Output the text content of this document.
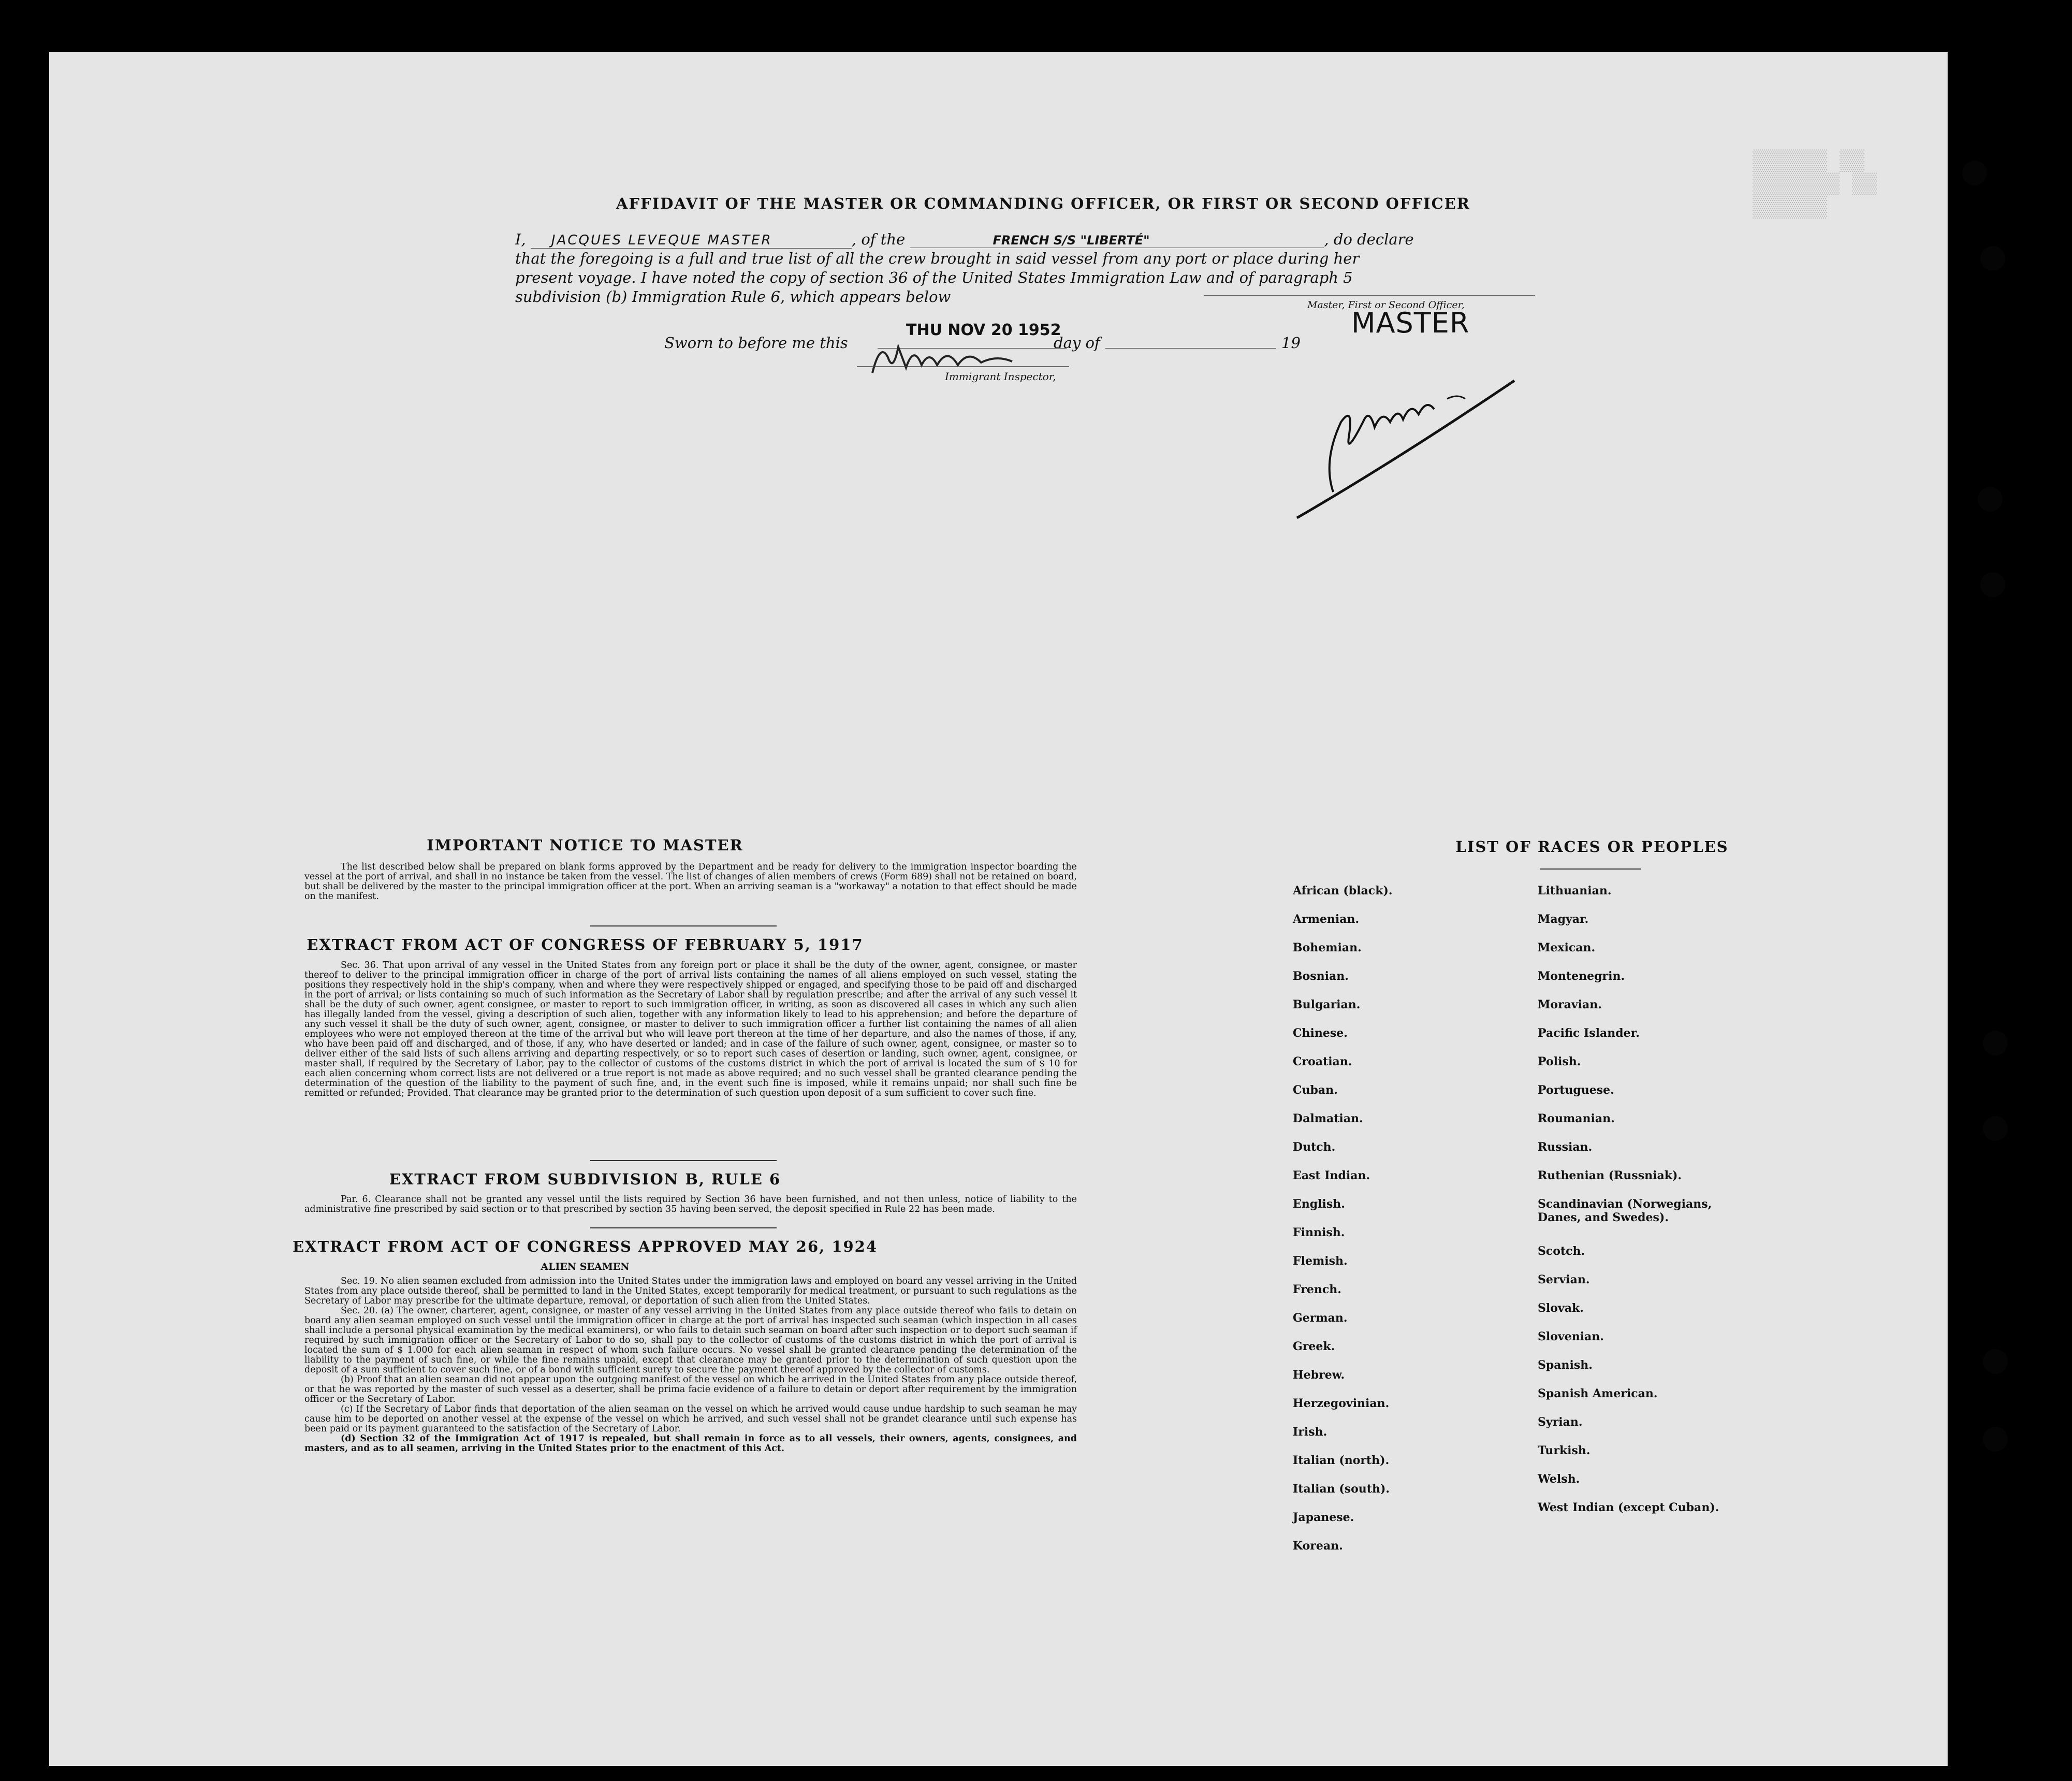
▒▒▒▒▒▒ ▒▒ ▒▒▒▒▒▒▒ ▒▒ ▒▒▒▒▒▒
AFFIDAVIT OF THE MASTER OR COMMANDING OFFICER, OR FIRST OR SECOND OFFICER
I, JACQUES LEVEQUE MASTER	, of the	FRENCH S/S "LIBERTÉ"	, do declare
that the foregoing is a full and true list of all the crew brought in said vessel from any port or place during her
present voyage. I have noted the copy of section 36 of the United States Immigration Law and of paragraph 5
subdivision (b) Immigration Rule 6, which appears below	Master, First or Second Officer,
MASTER
THU NOV 20 1952
Sworn to before me this	day of	19
Immigrant Inspector,
IMPORTANT NOTICE TO MASTER

The list described below shall be prepared on blank forms approved by the Department and be ready for delivery to the immigration inspector boarding the vessel at the port of arrival, and shall in no instance be taken from the vessel. The list of changes of alien members of crews (Form 689) shall not be retained on board, but shall be delivered by the master to the principal immigration officer at the port. When an arriving seaman is a "workaway" a notation to that effect should be made on the manifest.

EXTRACT FROM ACT OF CONGRESS OF FEBRUARY 5, 1917

Sec. 36. That upon arrival of any vessel in the United States from any foreign port or place it shall be the duty of the owner, agent, consignee, or master thereof to deliver to the principal immigration officer in charge of the port of arrival lists containing the names of all aliens employed on such vessel, stating the positions they respectively hold in the ship's company, when and where they were respectively shipped or engaged, and specifying those to be paid off and discharged in the port of arrival; or lists containing so much of such information as the Secretary of Labor shall by regulation prescribe; and after the arrival of any such vessel it shall be the duty of such owner, agent consignee, or master to report to such immigration officer, in writing, as soon as discovered all cases in which any such alien has illegally landed from the vessel, giving a description of such alien, together with any information likely to lead to his apprehension; and before the departure of any such vessel it shall be the duty of such owner, agent, consignee, or master to deliver to such immigration officer a further list containing the names of all alien employees who were not employed thereon at the time of the arrival but who will leave port thereon at the time of her departure, and also the names of those, if any, who have been paid off and discharged, and of those, if any, who have deserted or landed; and in case of the failure of such owner, agent, consignee, or master so to deliver either of the said lists of such aliens arriving and departing respectively, or so to report such cases of desertion or landing, such owner, agent, consignee, or master shall, if required by the Secretary of Labor, pay to the collector of customs of the customs district in which the port of arrival is located the sum of $ 10 for each alien concerning whom correct lists are not delivered or a true report is not made as above required; and no such vessel shall be granted clearance pending the determination of the question of the liability to the payment of such fine, and, in the event such fine is imposed, while it remains unpaid; nor shall such fine be remitted or refunded; Provided. That clearance may be granted prior to the determination of such question upon deposit of a sum sufficient to cover such fine.

EXTRACT FROM SUBDIVISION B, RULE 6

Par. 6. Clearance shall not be granted any vessel until the lists required by Section 36 have been furnished, and not then unless, notice of liability to the administrative fine prescribed by said section or to that prescribed by section 35 having been served, the deposit specified in Rule 22 has been made.

EXTRACT FROM ACT OF CONGRESS APPROVED MAY 26, 1924
ALIEN SEAMEN

Sec. 19. No alien seamen excluded from admission into the United States under the immigration laws and employed on board any vessel arriving in the United States from any place outside thereof, shall be permitted to land in the United States, except temporarily for medical treatment, or pursuant to such regulations as the Secretary of Labor may prescribe for the ultimate departure, removal, or deportation of such alien from the United States.

Sec. 20. (a) The owner, charterer, agent, consignee, or master of any vessel arriving in the United States from any place outside thereof who fails to detain on board any alien seaman employed on such vessel until the immigration officer in charge at the port of arrival has inspected such seaman (which inspection in all cases shall include a personal physical examination by the medical examiners), or who fails to detain such seaman on board after such inspection or to deport such seaman if required by such immigration officer or the Secretary of Labor to do so, shall pay to the collector of customs of the customs district in which the port of arrival is located the sum of $ 1.000 for each alien seaman in respect of whom such failure occurs. No vessel shall be granted clearance pending the determination of the liability to the payment of such fine, or while the fine remains unpaid, except that clearance may be granted prior to the determination of such question upon the deposit of a sum sufficient to cover such fine, or of a bond with sufficient surety to secure the payment thereof approved by the collector of customs.

(b) Proof that an alien seaman did not appear upon the outgoing manifest of the vessel on which he arrived in the United States from any place outside thereof, or that he was reported by the master of such vessel as a deserter, shall be prima facie evidence of a failure to detain or deport after requirement by the immigration officer or the Secretary of Labor.

(c) If the Secretary of Labor finds that deportation of the alien seaman on the vessel on which he arrived would cause undue hardship to such seaman he may cause him to be deported on another vessel at the expense of the vessel on which he arrived, and such vessel shall not be grandet clearance until such expense has been paid or its payment guaranteed to the satisfaction of the Secretary of Labor.

(d) Section 32 of the Immigration Act of 1917 is repealed, but shall remain in force as to all vessels, their owners, agents, consignees, and masters, and as to all seamen, arriving in the United States prior to the enactment of this Act.

LIST OF RACES OR PEOPLES
African (black).
Armenian.
Bohemian.
Bosnian.
Bulgarian.
Chinese.
Croatian.
Cuban.
Dalmatian.
Dutch.
East Indian.
English.
Finnish.
Flemish.
French.
German.
Greek.
Hebrew.
Herzegovinian.
Irish.
Italian (north).
Italian (south).
Japanese.
Korean.
Lithuanian.
Magyar.
Mexican.
Montenegrin.
Moravian.
Pacific Islander.
Polish.
Portuguese.
Roumanian.
Russian.
Ruthenian (Russniak).
Scandinavian (Norwegians, Danes, and Swedes).
Scotch.
Servian.
Slovak.
Slovenian.
Spanish.
Spanish American.
Syrian.
Turkish.
Welsh.
West Indian (except Cuban).
